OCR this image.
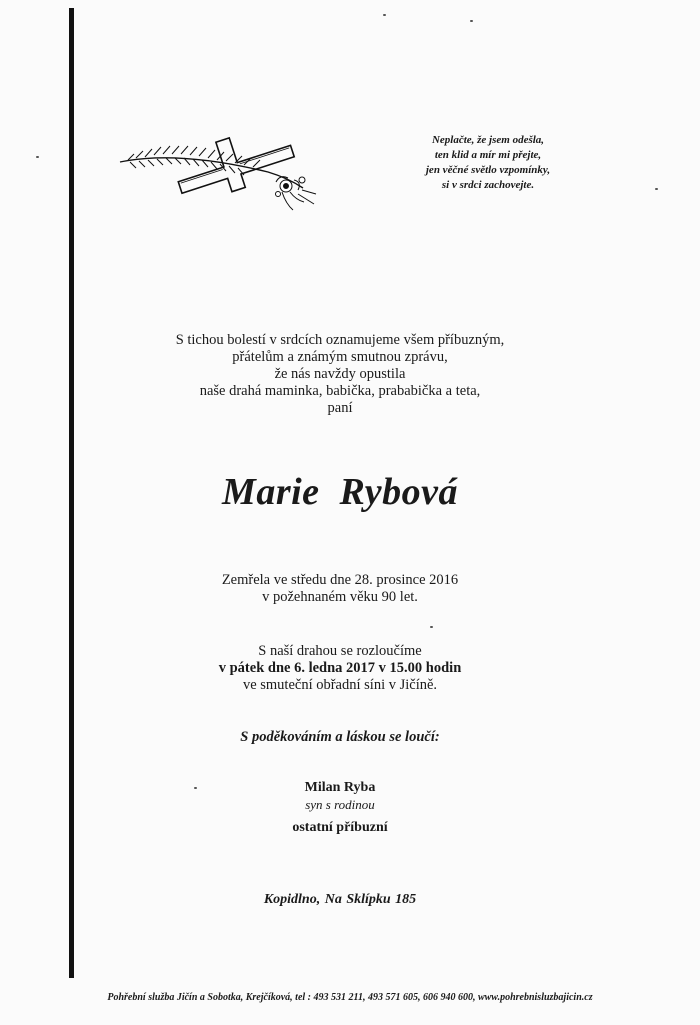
Neplačte, že jsem odešla,
ten klid a mír mi přejte,
jen věčné světlo vzpomínky,
si v srdci zachovejte.
S tichou bolestí v srdcích oznamujeme všem příbuzným,
přátelům a známým smutnou zprávu,
že nás navždy opustila
naše drahá maminka, babička, prababička a teta,
paní
Marie Rybová
Zemřela ve středu dne 28. prosince 2016
v požehnaném věku 90 let.
S naší drahou se rozloučíme
v pátek dne 6. ledna 2017 v 15.00 hodin
ve smuteční obřadní síni v Jičíně.
S poděkováním a láskou se loučí:
Milan Ryba
syn s rodinou
ostatní příbuzní
Kopidlno, Na Sklípku 185
Pohřební služba Jičín a Sobotka, Krejčíková, tel : 493 531 211, 493 571 605, 606 940 600, www.pohrebnisluzbajicin.cz
